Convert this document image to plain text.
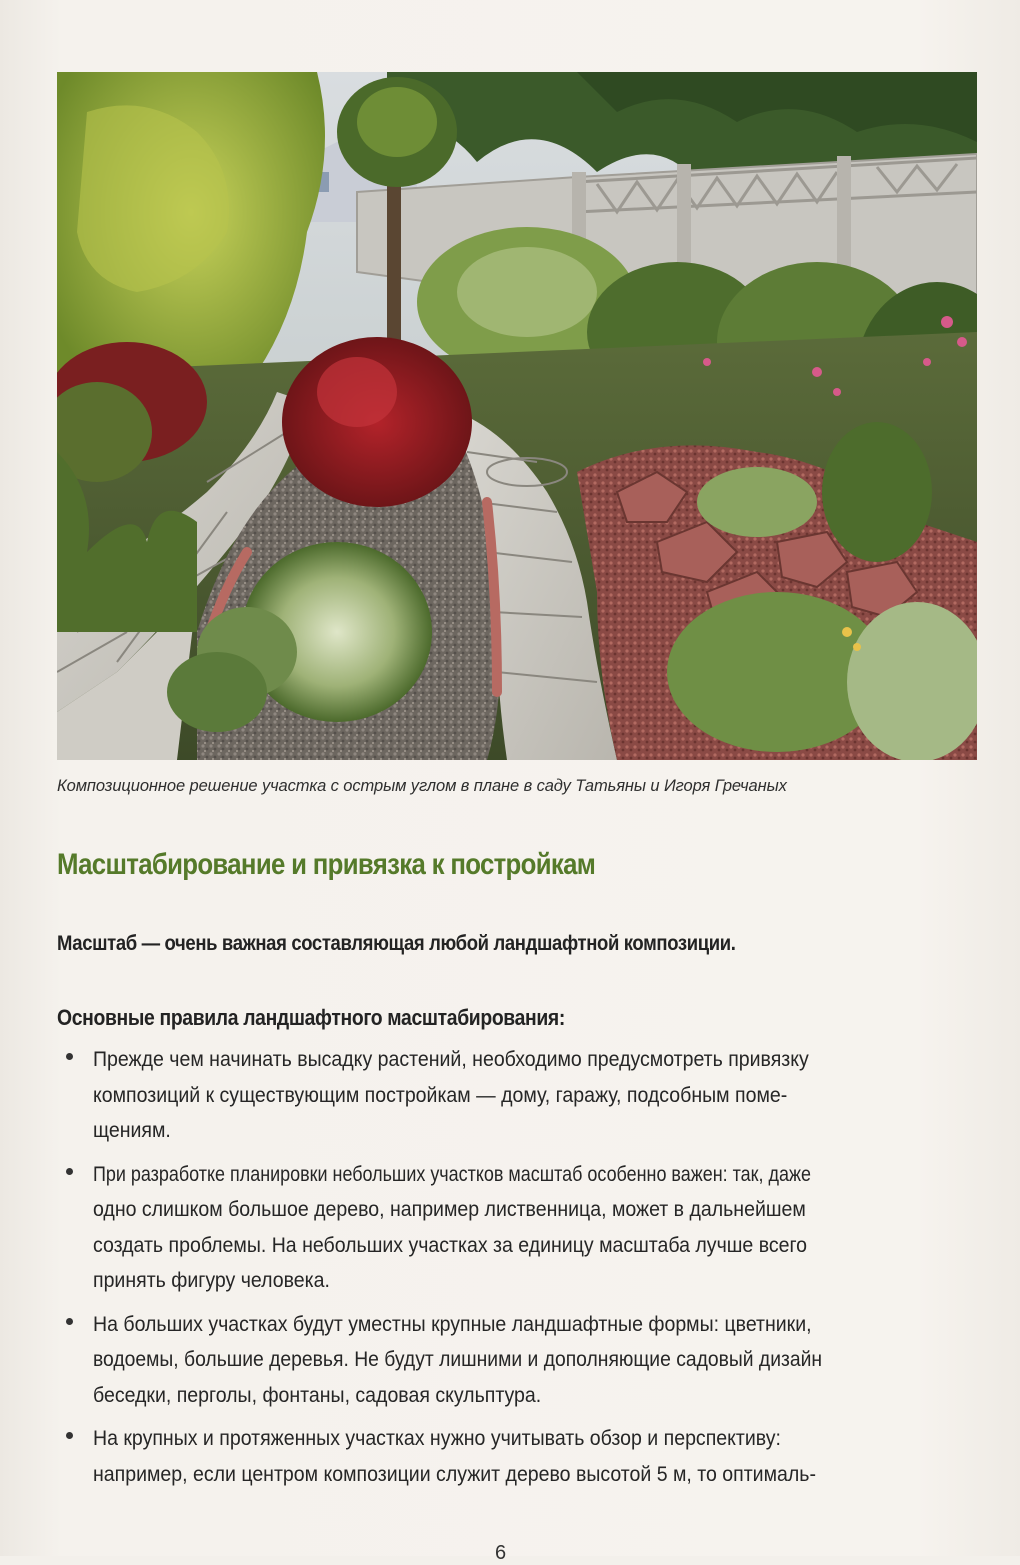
Композиционное решение участка с острым углом в плане в саду Татьяны и Игоря Гречаных

Масштабирование и привязка к постройкам
Масштаб — очень важная составляющая любой ландшафтной композиции.
Основные правила ландшафтного масштабирования:
Прежде чем начинать высадку растений, необходимо предусмотреть привязку
композиций к существующим постройкам — дому, гаражу, подсобным поме-
щениям.
При разработке планировки небольших участков масштаб особенно важен: так, даже
одно слишком большое дерево, например лиственница, может в дальнейшем
создать проблемы. На небольших участках за единицу масштаба лучше всего
принять фигуру человека.
На больших участках будут уместны крупные ландшафтные формы: цветники,
водоемы, большие деревья. Не будут лишними и дополняющие садовый дизайн
беседки, перголы, фонтаны, садовая скульптура.
На крупных и протяженных участках нужно учитывать обзор и перспективу:
например, если центром композиции служит дерево высотой 5 м, то оптималь-
6
